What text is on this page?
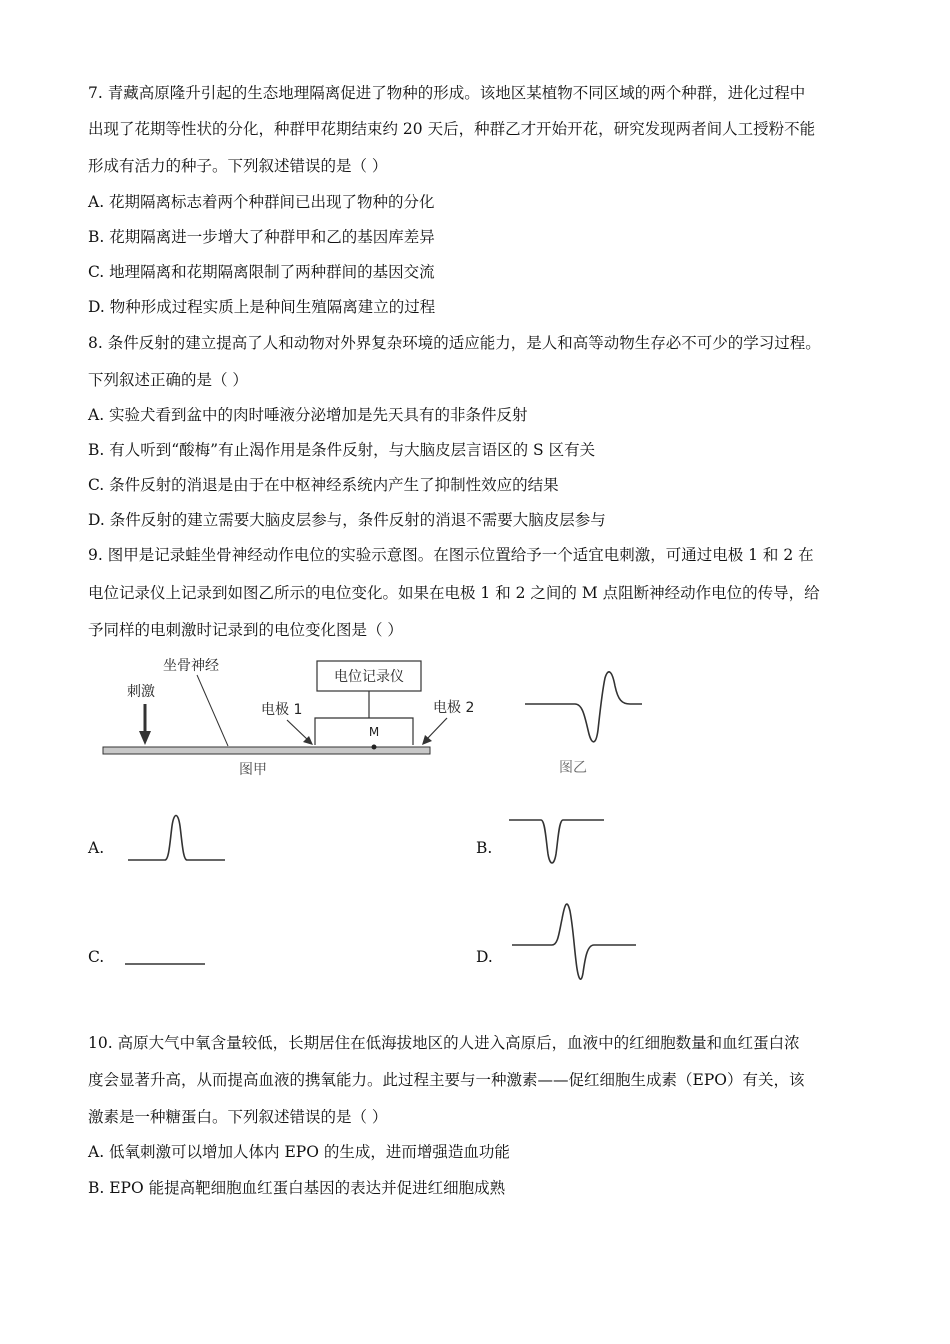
7. 青藏高原隆升引起的生态地理隔离促进了物种的形成。该地区某植物不同区域的两个种群，进化过程中
出现了花期等性状的分化，种群甲花期结束约 20 天后，种群乙才开始开花，研究发现两者间人工授粉不能
形成有活力的种子。下列叙述错误的是（ ）
A. 花期隔离标志着两个种群间已出现了物种的分化
B. 花期隔离进一步增大了种群甲和乙的基因库差异
C. 地理隔离和花期隔离限制了两种群间的基因交流
D. 物种形成过程实质上是种间生殖隔离建立的过程
8. 条件反射的建立提高了人和动物对外界复杂环境的适应能力，是人和高等动物生存必不可少的学习过程。
下列叙述正确的是（ ）
A. 实验犬看到盆中的肉时唾液分泌增加是先天具有的非条件反射
B. 有人听到“酸梅”有止渴作用是条件反射，与大脑皮层言语区的 S 区有关
C. 条件反射的消退是由于在中枢神经系统内产生了抑制性效应的结果
D. 条件反射的建立需要大脑皮层参与，条件反射的消退不需要大脑皮层参与
9. 图甲是记录蛙坐骨神经动作电位的实验示意图。在图示位置给予一个适宜电刺激，可通过电极 1 和 2 在
电位记录仪上记录到如图乙所示的电位变化。如果在电极 1 和 2 之间的 M 点阻断神经动作电位的传导，给
予同样的电刺激时记录到的电位变化图是（ ）
坐骨神经
刺激
电位记录仪
电极 1	电极 2
M
图甲	图乙
A.	B.
C.	D.
10. 高原大气中氧含量较低，长期居住在低海拔地区的人进入高原后，血液中的红细胞数量和血红蛋白浓
度会显著升高，从而提高血液的携氧能力。此过程主要与一种激素——促红细胞生成素（EPO）有关，该
激素是一种糖蛋白。下列叙述错误的是（ ）
A. 低氧刺激可以增加人体内 EPO 的生成，进而增强造血功能
B. EPO 能提高靶细胞血红蛋白基因的表达并促进红细胞成熟
